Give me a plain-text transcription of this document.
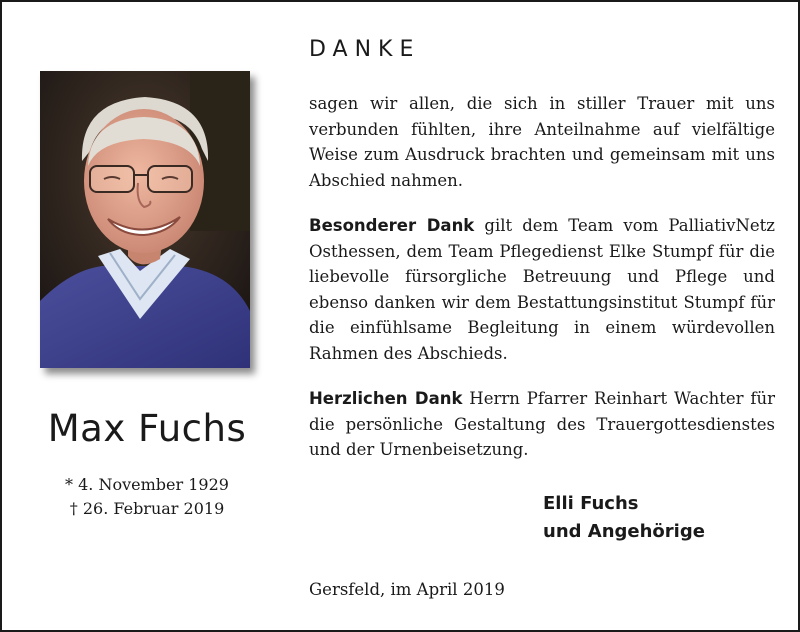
Max Fuchs
* 4. November 1929
† 26. Februar 2019
DANKE

sagen wir allen, die sich in stiller Trauer mit uns verbunden fühlten, ihre Anteilnahme auf vielfältige Weise zum Ausdruck brachten und gemeinsam mit uns Abschied nahmen.

Besonderer Dank gilt dem Team vom PalliativNetz Osthessen, dem Team Pflegedienst Elke Stumpf für die liebevolle fürsorgliche Betreuung und Pflege und ebenso danken wir dem Bestattungsinstitut Stumpf für die einfühlsame Begleitung in einem würdevollen Rahmen des Abschieds.

Herzlichen Dank Herrn Pfarrer Reinhart Wachter für die persönliche Gestaltung des Trauergottesdienstes und der Urnenbeisetzung.

Elli Fuchs
und Angehörige
Gersfeld, im April 2019
